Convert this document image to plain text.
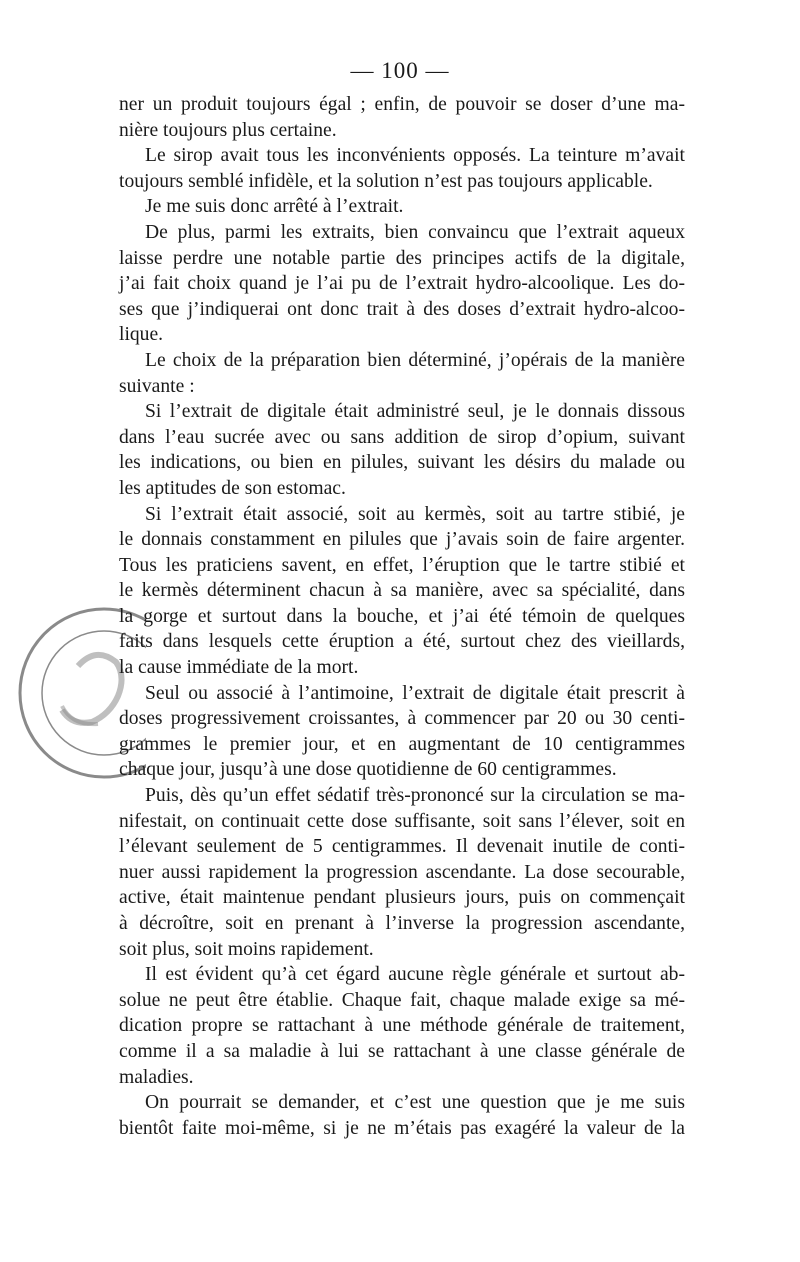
— 100 —
ner un produit toujours égal ; enfin, de pouvoir se doser d’une ma-
nière toujours plus certaine.
Le sirop avait tous les inconvénients opposés. La teinture m’avait
toujours semblé infidèle, et la solution n’est pas toujours applicable.
Je me suis donc arrêté à l’extrait.
De plus, parmi les extraits, bien convaincu que l’extrait aqueux
laisse perdre une notable partie des principes actifs de la digitale,
j’ai fait choix quand je l’ai pu de l’extrait hydro-alcoolique. Les do-
ses que j’indiquerai ont donc trait à des doses d’extrait hydro-alcoo-
lique.
Le choix de la préparation bien déterminé, j’opérais de la manière
suivante :
Si l’extrait de digitale était administré seul, je le donnais dissous
dans l’eau sucrée avec ou sans addition de sirop d’opium, suivant
les indications, ou bien en pilules, suivant les désirs du malade ou
les aptitudes de son estomac.
Si l’extrait était associé, soit au kermès, soit au tartre stibié, je
le donnais constamment en pilules que j’avais soin de faire argenter.
Tous les praticiens savent, en effet, l’éruption que le tartre stibié et
le kermès déterminent chacun à sa manière, avec sa spécialité, dans
la gorge et surtout dans la bouche, et j’ai été témoin de quelques
faits dans lesquels cette éruption a été, surtout chez des vieillards,
la cause immédiate de la mort.
Seul ou associé à l’antimoine, l’extrait de digitale était prescrit à
doses progressivement croissantes, à commencer par 20 ou 30 centi-
grammes le premier jour, et en augmentant de 10 centigrammes
chaque jour, jusqu’à une dose quotidienne de 60 centigrammes.
Puis, dès qu’un effet sédatif très-prononcé sur la circulation se ma-
nifestait, on continuait cette dose suffisante, soit sans l’élever, soit en
l’élevant seulement de 5 centigrammes. Il devenait inutile de conti-
nuer aussi rapidement la progression ascendante. La dose secourable,
active, était maintenue pendant plusieurs jours, puis on commençait
à décroître, soit en prenant à l’inverse la progression ascendante,
soit plus, soit moins rapidement.
Il est évident qu’à cet égard aucune règle générale et surtout ab-
solue ne peut être établie. Chaque fait, chaque malade exige sa mé-
dication propre se rattachant à une méthode générale de traitement,
comme il a sa maladie à lui se rattachant à une classe générale de
maladies.
On pourrait se demander, et c’est une question que je me suis
bientôt faite moi-même, si je ne m’étais pas exagéré la valeur de la
